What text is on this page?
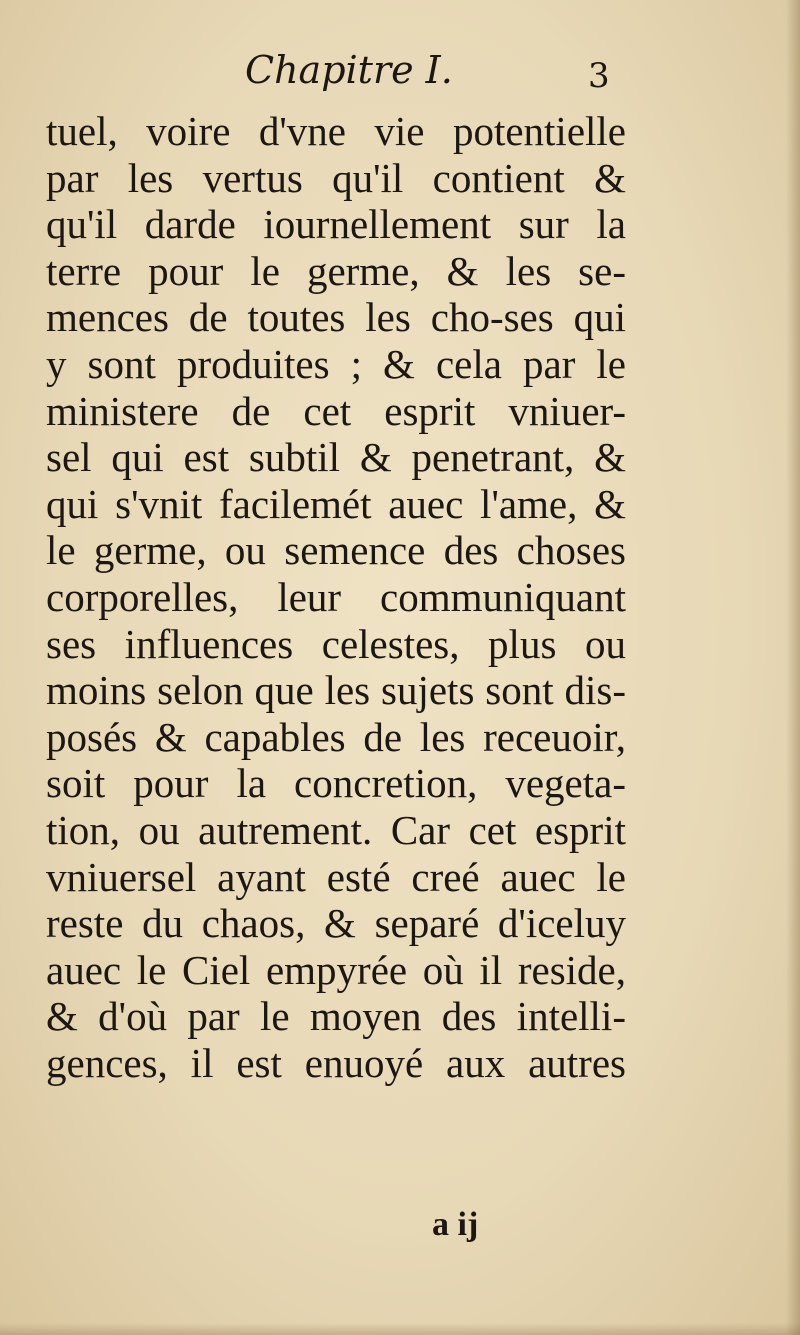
Chapitre I.	3
tuel, voire d'vne vie potentielle
par les vertus qu'il contient &
qu'il darde iournellement sur la
terre pour le germe, & les se-
mences de toutes les cho-ses qui
y sont produites ; & cela par le
ministere de cet esprit vniuer-
sel qui est subtil & penetrant, &
qui s'vnit facilemét auec l'ame, &
le germe, ou semence des choses
corporelles, leur communiquant
ses influences celestes, plus ou
moins selon que les sujets sont dis-
posés & capables de les receuoir,
soit pour la concretion, vegeta-
tion, ou autrement. Car cet esprit
vniuersel ayant esté creé auec le
reste du chaos, & separé d'iceluy
auec le Ciel empyrée où il reside,
& d'où par le moyen des intelli-
gences, il est enuoyé aux autres
a ij
